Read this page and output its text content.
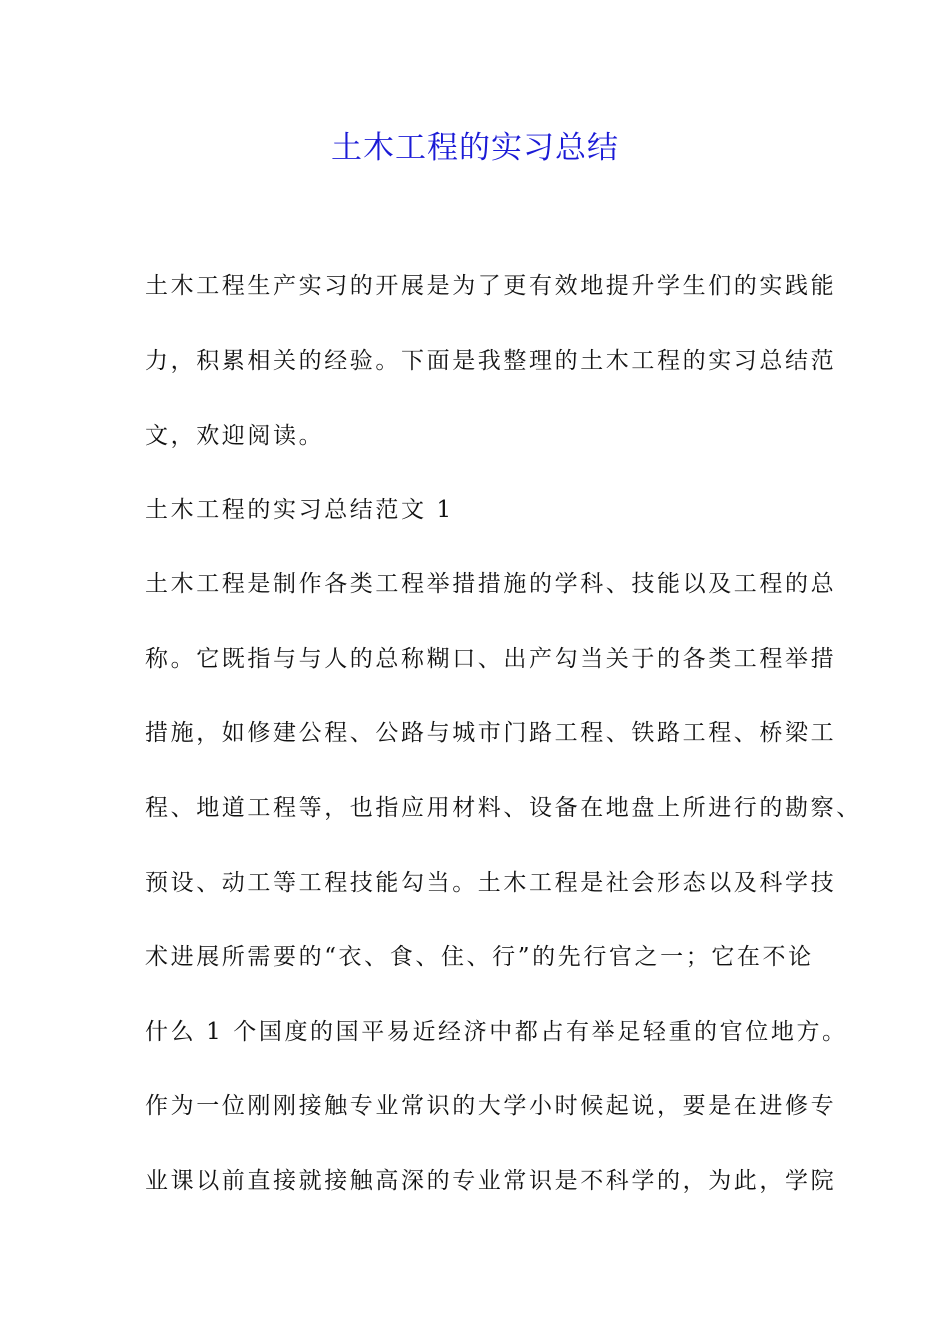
土木工程的实习总结
土木工程生产实习的开展是为了更有效地提升学生们的实践能
力，积累相关的经验。下面是我整理的土木工程的实习总结范
文，欢迎阅读。
土木工程的实习总结范文 1
土木工程是制作各类工程举措措施的学科、技能以及工程的总
称。它既指与与人的总称糊口、出产勾当关于的各类工程举措
措施，如修建公程、公路与城市门路工程、铁路工程、桥梁工
程、地道工程等，也指应用材料、设备在地盘上所进行的勘察、
预设、动工等工程技能勾当。土木工程是社会形态以及科学技
术进展所需要的“衣、食、住、行”的先行官之一；它在不论
什么 1 个国度的国平易近经济中都占有举足轻重的官位地方。
作为一位刚刚接触专业常识的大学小时候起说，要是在进修专
业课以前直接就接触高深的专业常识是不科学的，为此，学院
